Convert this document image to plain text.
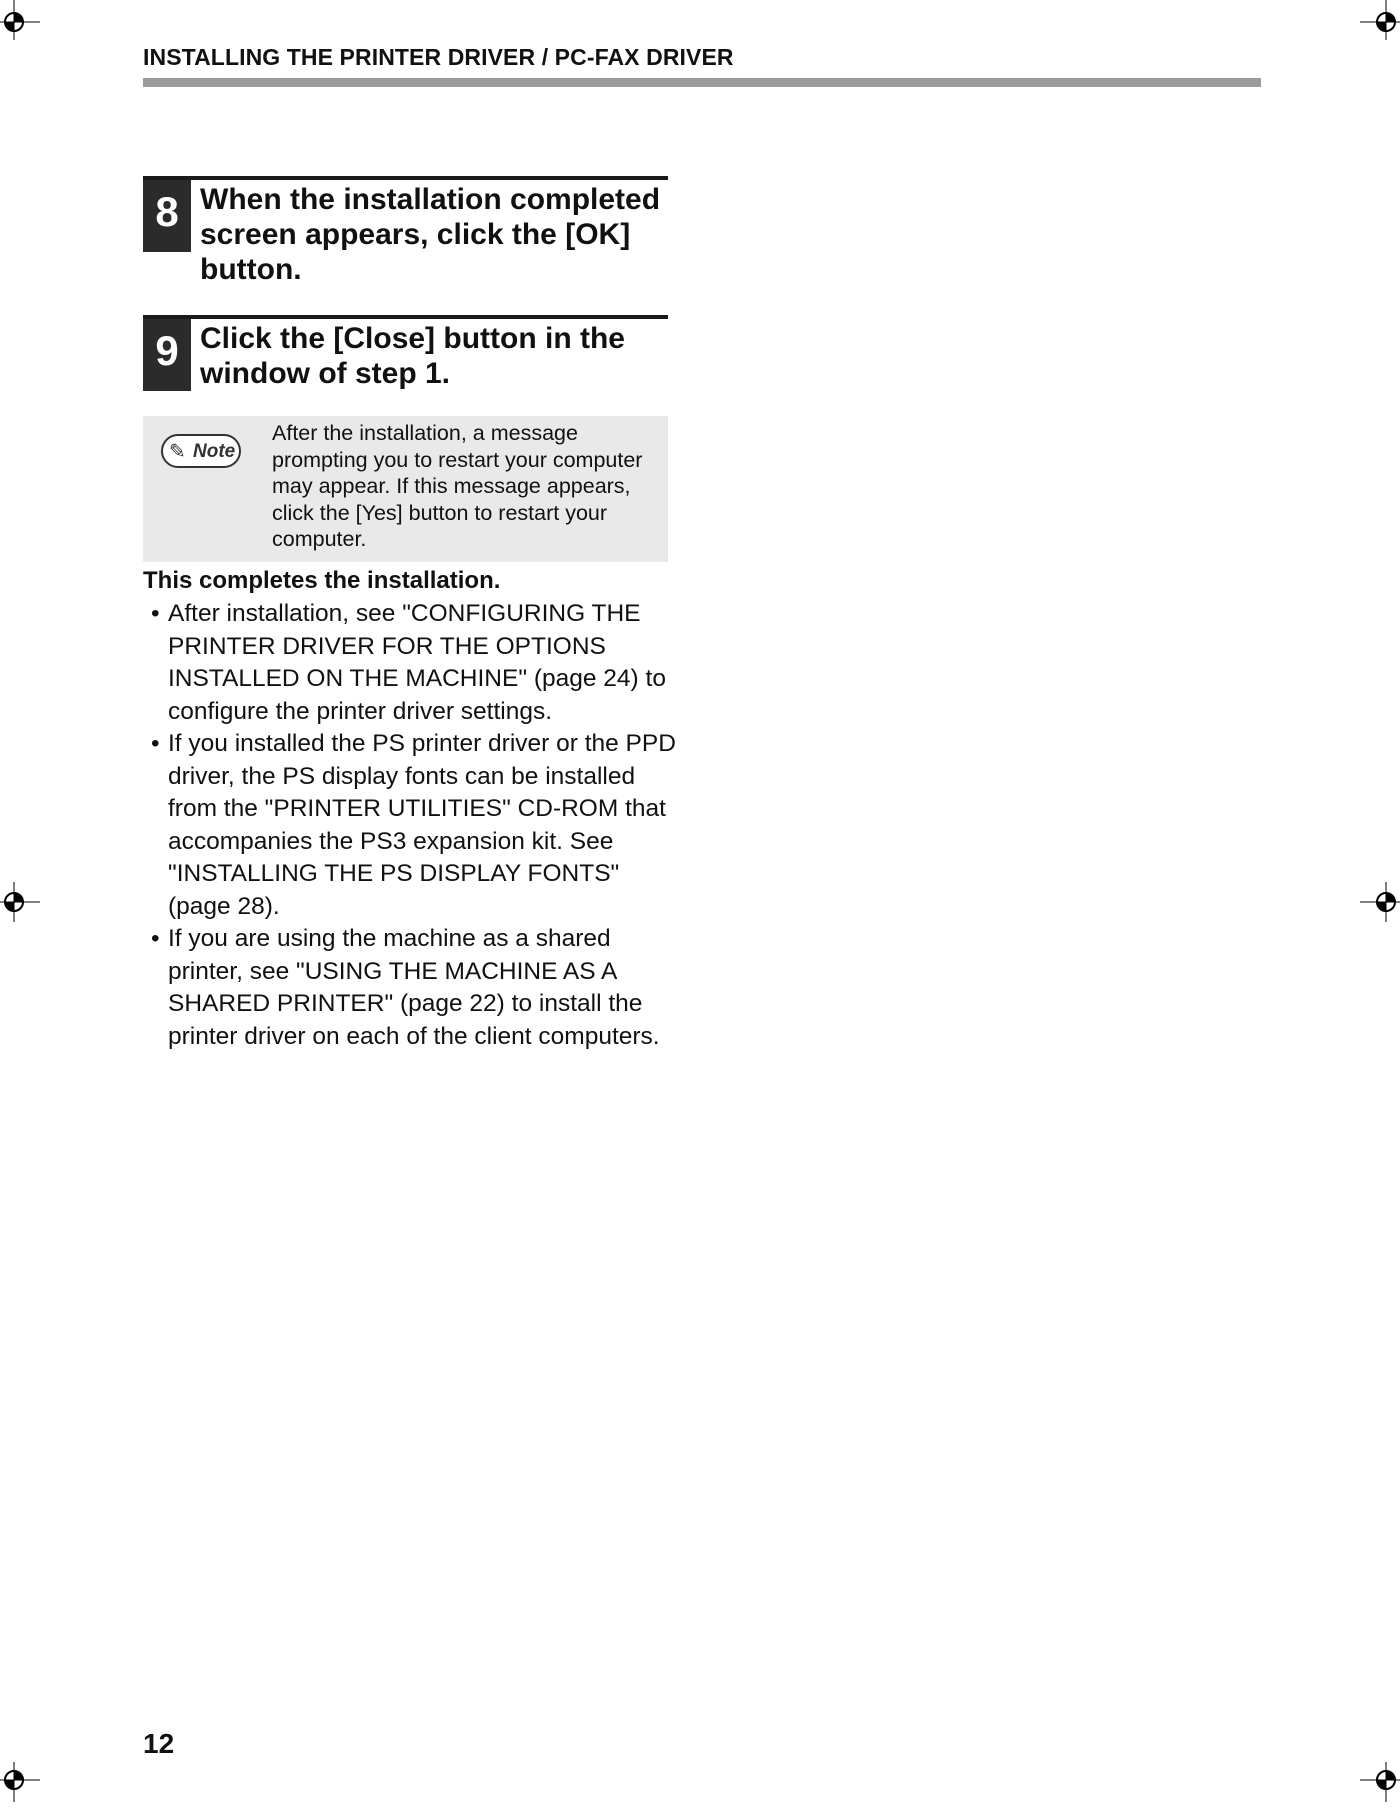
INSTALLING THE PRINTER DRIVER / PC-FAX DRIVER
8 When the installation completed screen appears, click the [OK] button.
9 Click the [Close] button in the window of step 1.
✎ Note
After the installation, a message prompting you to restart your computer may appear. If this message appears, click the [Yes] button to restart your computer.
This completes the installation.
• After installation, see "CONFIGURING THE PRINTER DRIVER FOR THE OPTIONS INSTALLED ON THE MACHINE" (page 24) to configure the printer driver settings.
• If you installed the PS printer driver or the PPD driver, the PS display fonts can be installed from the "PRINTER UTILITIES" CD-ROM that accompanies the PS3 expansion kit. See "INSTALLING THE PS DISPLAY FONTS" (page 28).
• If you are using the machine as a shared printer, see "USING THE MACHINE AS A SHARED PRINTER" (page 22) to install the printer driver on each of the client computers.
12
